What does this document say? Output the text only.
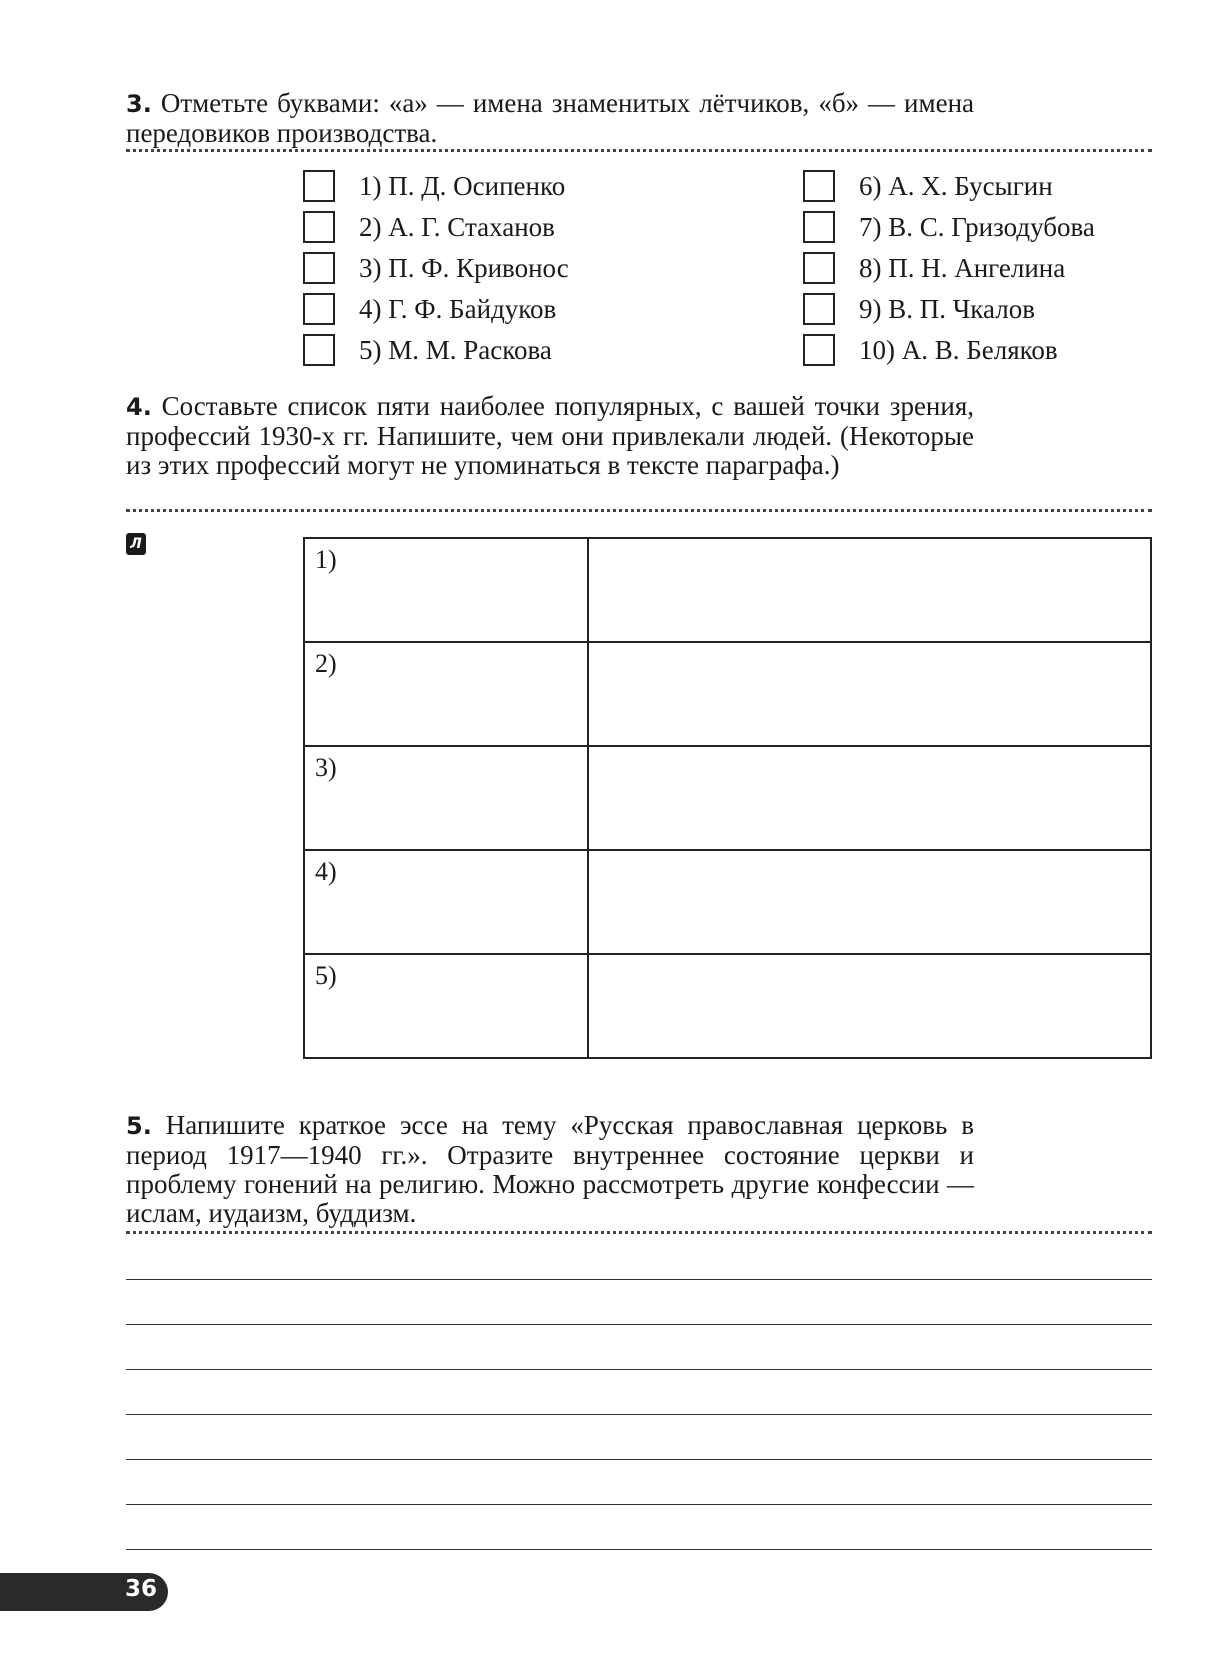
3. Отметьте буквами: «а» — имена знаменитых лётчиков, «б» — имена передовиков производства.
1) П. Д. Осипенко
2) А. Г. Стаханов
3) П. Ф. Кривонос
4) Г. Ф. Байдуков
5) М. М. Раскова
6) А. Х. Бусыгин
7) В. С. Гризодубова
8) П. Н. Ангелина
9) В. П. Чкалов
10) А. В. Беляков
4. Составьте список пяти наиболее популярных, с вашей точки зрения, профессий 1930-х гг. Напишите, чем они привлекали людей. (Некоторые из этих профессий могут не упоминаться в тексте параграфа.)
Л
1)	
2)	
3)	
4)	
5)	
5. Напишите краткое эссе на тему «Русская православная церковь в период 1917—1940 гг.». Отразите внутреннее состояние церкви и проблему гонений на религию. Можно рассмотреть другие конфессии — ислам, иудаизм, буддизм.
36
